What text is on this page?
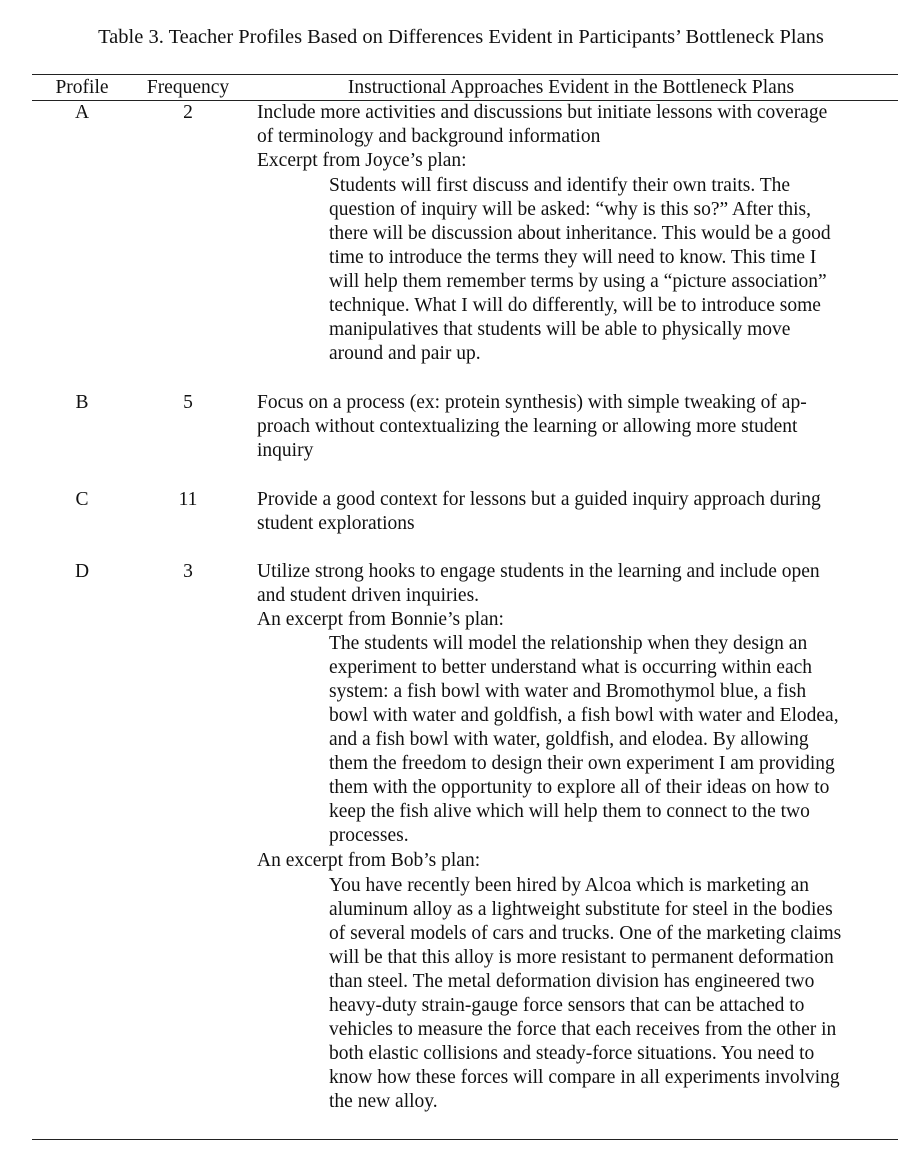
Table 3. Teacher Profiles Based on Differences Evident in Participants’ Bottleneck Plans
Profile	Frequency	Instructional Approaches Evident in the Bottleneck Plans
A	2	Include more activities and discussions but initiate lessons with coverage
of terminology and background information
Excerpt from Joyce’s plan:
Students will first discuss and identify their own traits. The
question of inquiry will be asked: “why is this so?” After this,
there will be discussion about inheritance. This would be a good
time to introduce the terms they will need to know. This time I
will help them remember terms by using a “picture association”
technique. What I will do differently, will be to introduce some
manipulatives that students will be able to physically move
around and pair up.
B	5	Focus on a process (ex: protein synthesis) with simple tweaking of ap-
proach without contextualizing the learning or allowing more student
inquiry
C	11	Provide a good context for lessons but a guided inquiry approach during
student explorations
D	3	Utilize strong hooks to engage students in the learning and include open
and student driven inquiries.
An excerpt from Bonnie’s plan:
The students will model the relationship when they design an
experiment to better understand what is occurring within each
system: a fish bowl with water and Bromothymol blue, a fish
bowl with water and goldfish, a fish bowl with water and Elodea,
and a fish bowl with water, goldfish, and elodea. By allowing
them the freedom to design their own experiment I am providing
them with the opportunity to explore all of their ideas on how to
keep the fish alive which will help them to connect to the two
processes.
An excerpt from Bob’s plan:
You have recently been hired by Alcoa which is marketing an
aluminum alloy as a lightweight substitute for steel in the bodies
of several models of cars and trucks. One of the marketing claims
will be that this alloy is more resistant to permanent deformation
than steel. The metal deformation division has engineered two
heavy-duty strain-gauge force sensors that can be attached to
vehicles to measure the force that each receives from the other in
both elastic collisions and steady-force situations. You need to
know how these forces will compare in all experiments involving
the new alloy.
